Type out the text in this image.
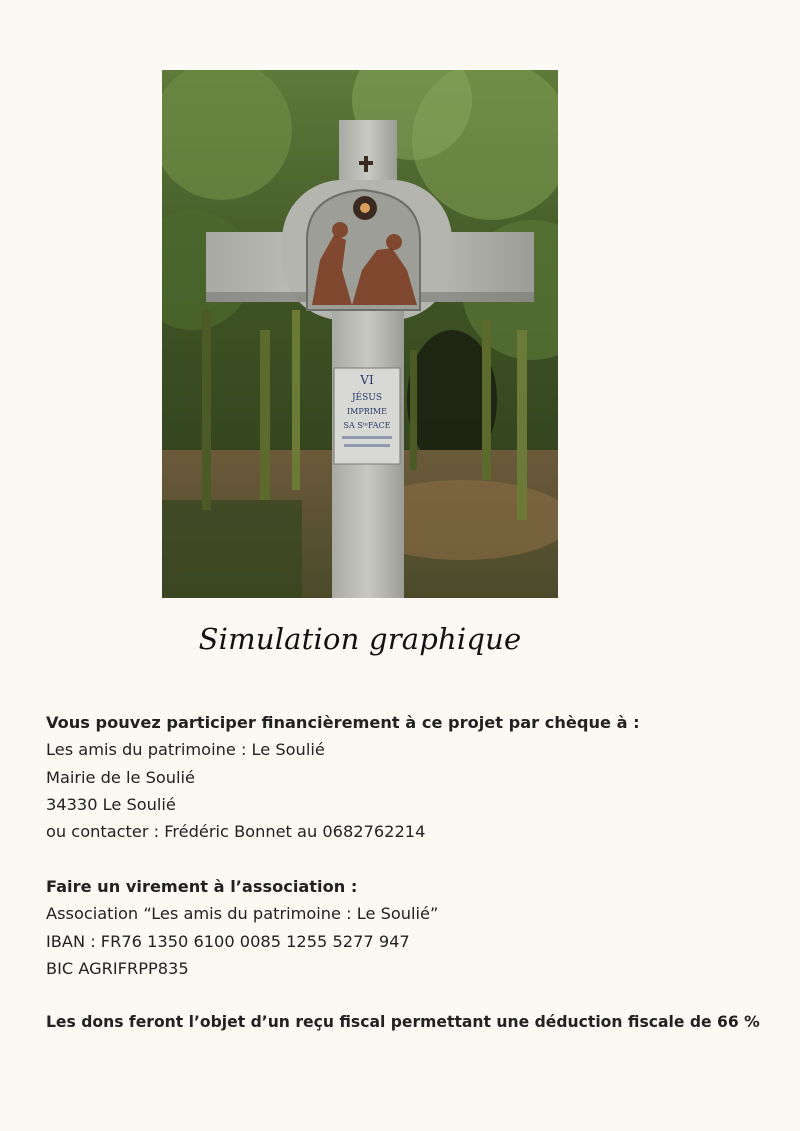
VI
JÉSUS
IMPRIME
SA SᵗᵉFACE
Simulation graphique
Vous pouvez participer financièrement à ce projet par chèque à :
Les amis du patrimoine : Le Soulié
Mairie de le Soulié
34330 Le Soulié
ou contacter : Frédéric Bonnet au 0682762214
Faire un virement à l’association :
Association “Les amis du patrimoine : Le Soulié”
IBAN : FR76 1350 6100 0085 1255 5277 947
BIC AGRIFRPP835
Les dons feront l’objet d’un reçu fiscal permettant une déduction fiscale de 66 %
